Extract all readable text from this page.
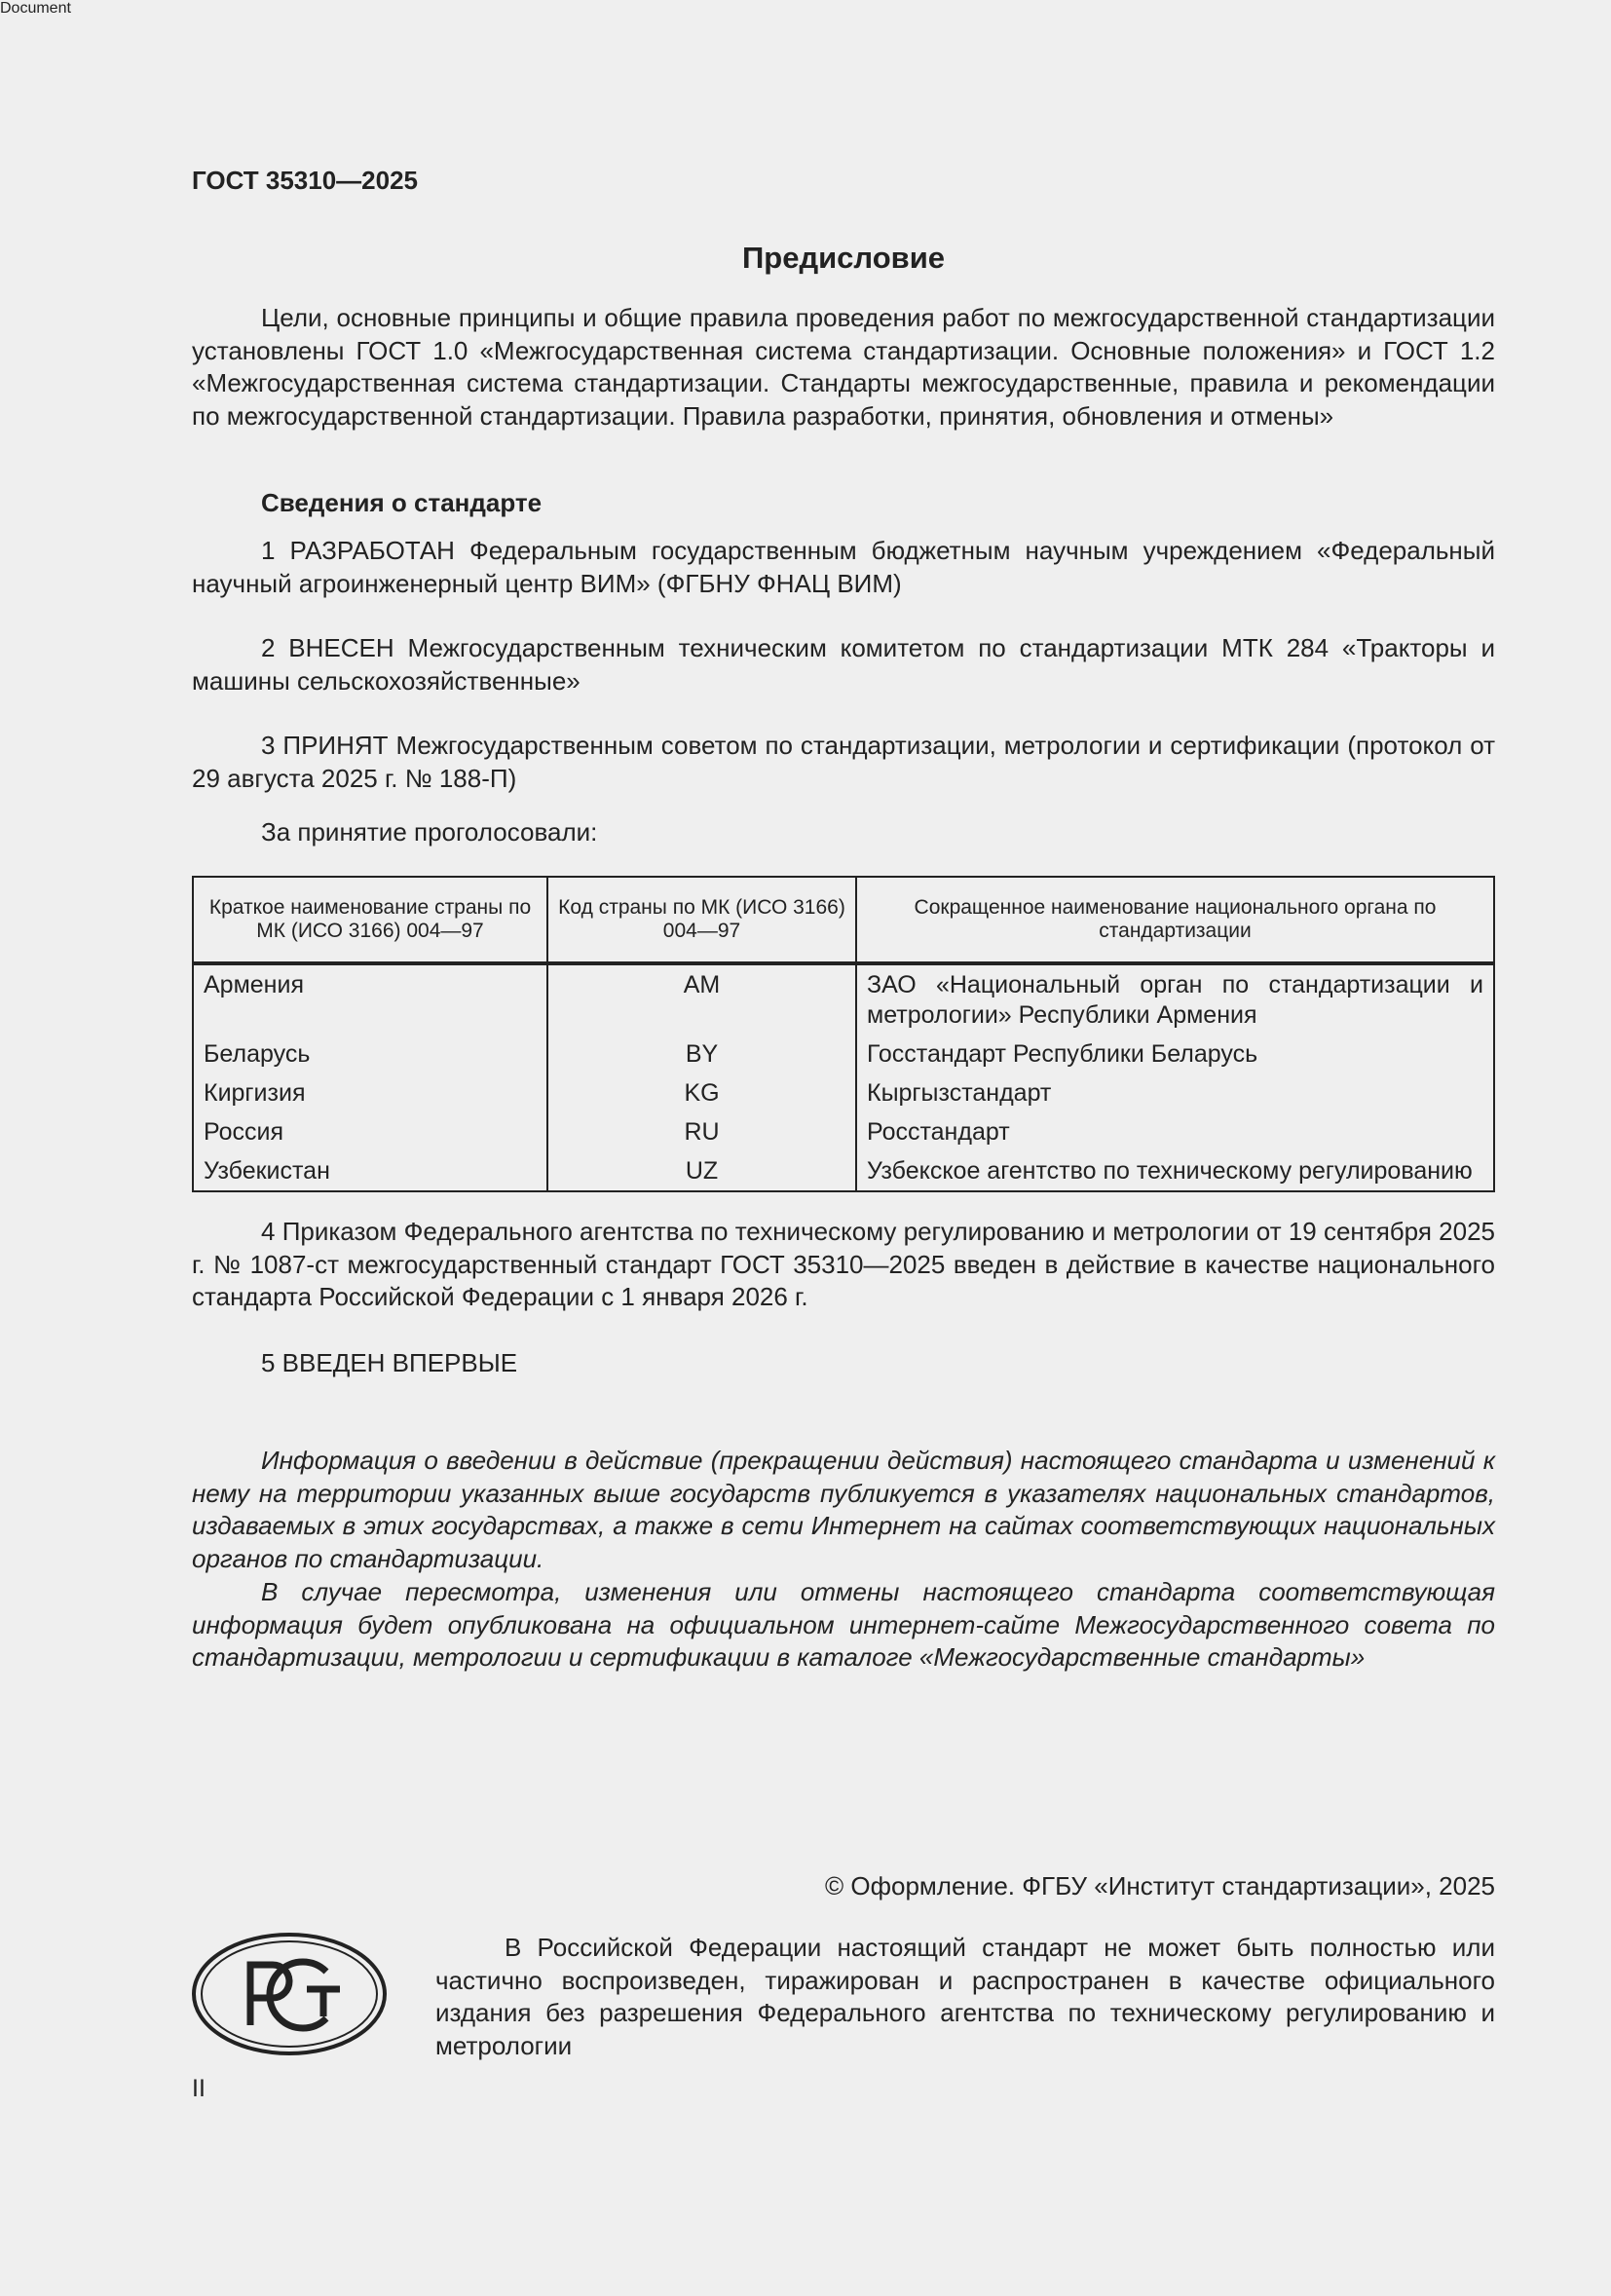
Document
ГОСТ 35310—2025
Предисловие
Цели, основные принципы и общие правила проведения работ по межгосударственной стандартизации установлены ГОСТ 1.0 «Межгосударственная система стандартизации. Основные положения» и ГОСТ 1.2 «Межгосударственная система стандартизации. Стандарты межгосударственные, правила и рекомендации по межгосударственной стандартизации. Правила разработки, принятия, обновления и отмены»
Сведения о стандарте
1 РАЗРАБОТАН Федеральным государственным бюджетным научным учреждением «Федеральный научный агроинженерный центр ВИМ» (ФГБНУ ФНАЦ ВИМ)
2 ВНЕСЕН Межгосударственным техническим комитетом по стандартизации МТК 284 «Тракторы и машины сельскохозяйственные»
3 ПРИНЯТ Межгосударственным советом по стандартизации, метрологии и сертификации (протокол от 29 августа 2025 г. № 188-П)
За принятие проголосовали:
Краткое наименование страны по МК (ИСО 3166) 004—97	Код страны по МК (ИСО 3166) 004—97	Сокращенное наименование национального органа по стандартизации
Армения	AM	ЗАО «Национальный орган по стандартизации и метрологии» Республики Армения
Беларусь	BY	Госстандарт Республики Беларусь
Киргизия	KG	Кыргызстандарт
Россия	RU	Росстандарт
Узбекистан	UZ	Узбекское агентство по техническому регулированию
4 Приказом Федерального агентства по техническому регулированию и метрологии от 19 сентября 2025 г. № 1087-ст межгосударственный стандарт ГОСТ 35310—2025 введен в действие в качестве национального стандарта Российской Федерации с 1 января 2026 г.
5 ВВЕДЕН ВПЕРВЫЕ
Информация о введении в действие (прекращении действия) настоящего стандарта и изменений к нему на территории указанных выше государств публикуется в указателях национальных стандартов, издаваемых в этих государствах, а также в сети Интернет на сайтах соответствующих национальных органов по стандартизации.
В случае пересмотра, изменения или отмены настоящего стандарта соответствующая информация будет опубликована на официальном интернет-сайте Межгосударственного совета по стандартизации, метрологии и сертификации в каталоге «Межгосударственные стандарты»
© Оформление. ФГБУ «Институт стандартизации», 2025
В Российской Федерации настоящий стандарт не может быть полностью или частично воспроизведен, тиражирован и распространен в качестве официального издания без разрешения Федерального агентства по техническому регулированию и метрологии
II
